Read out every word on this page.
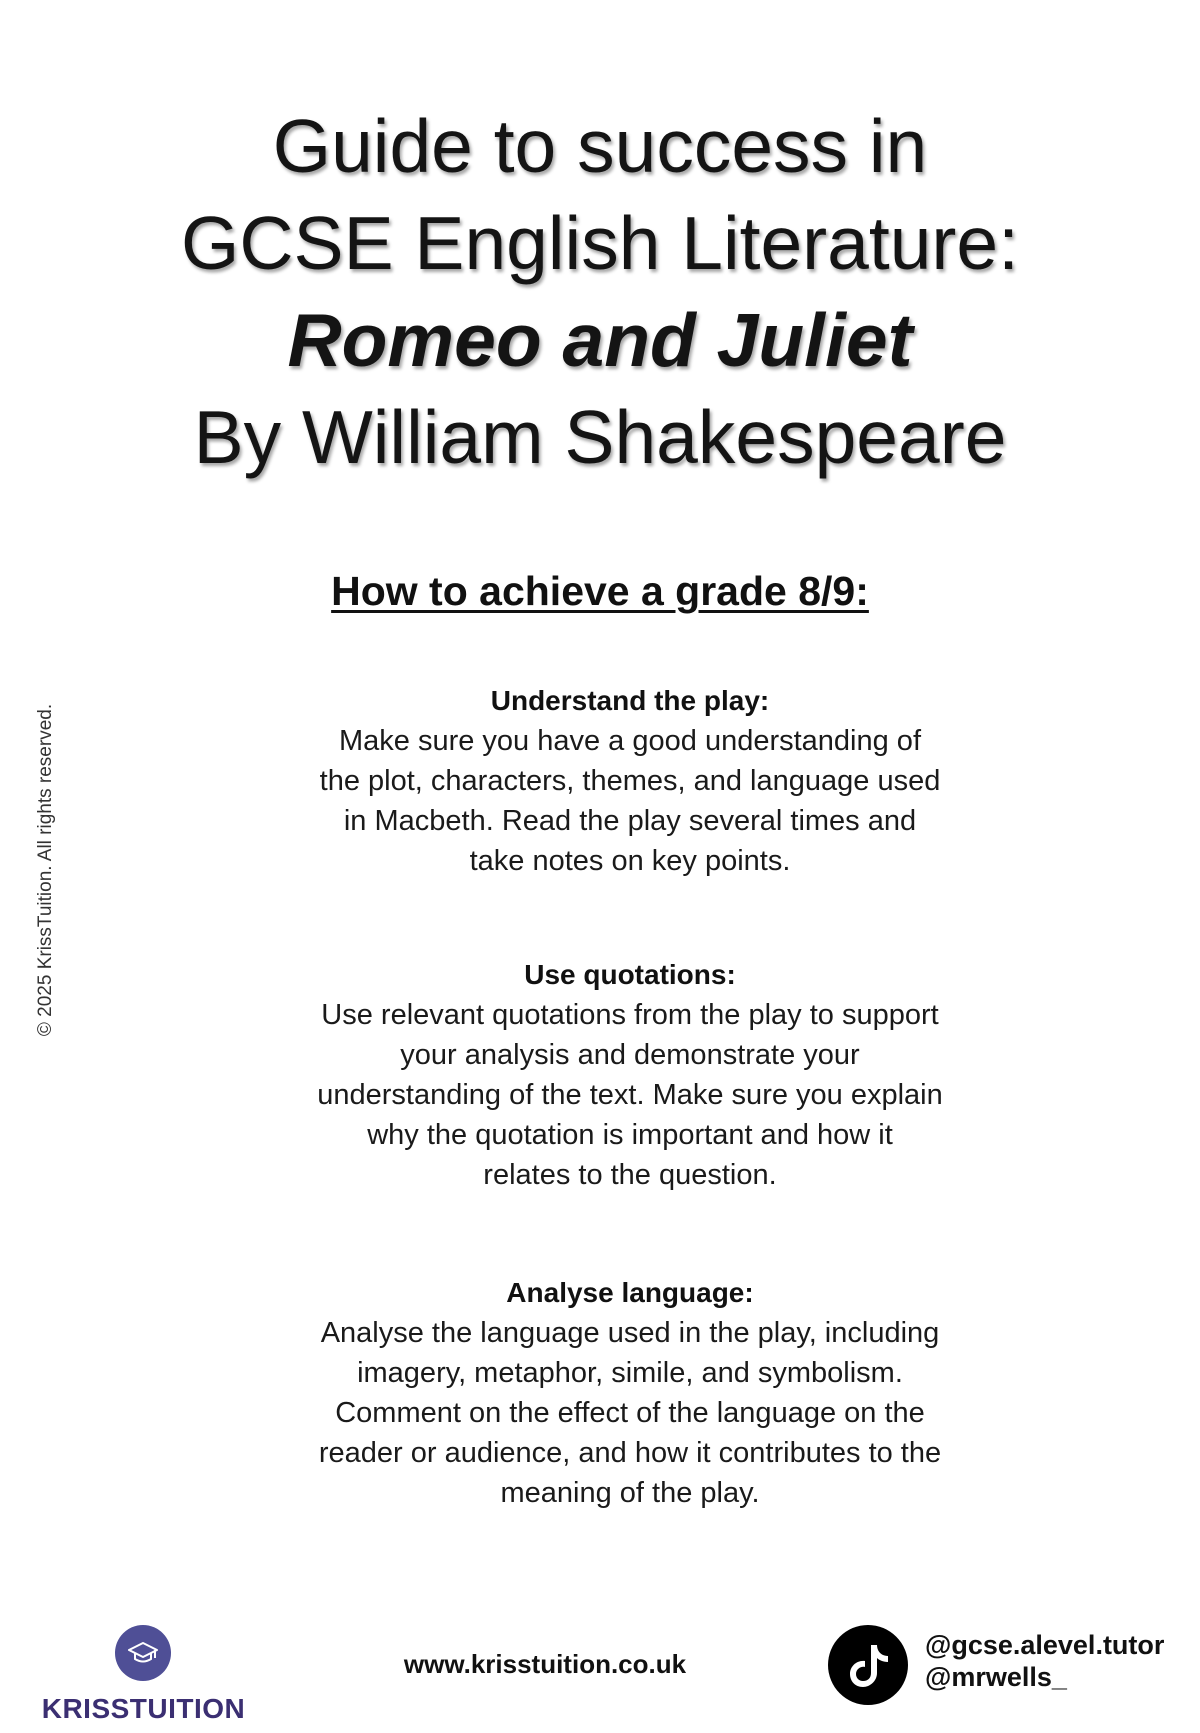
Guide to success in
GCSE English Literature:
Romeo and Juliet
By William Shakespeare
How to achieve a grade 8/9:
Understand the play:
Make sure you have a good understanding of
the plot, characters, themes, and language used
in Macbeth. Read the play several times and
take notes on key points.
Use quotations:
Use relevant quotations from the play to support
your analysis and demonstrate your
understanding of the text. Make sure you explain
why the quotation is important and how it
relates to the question.
Analyse language:
Analyse the language used in the play, including
imagery, metaphor, simile, and symbolism.
Comment on the effect of the language on the
reader or audience, and how it contributes to the
meaning of the play.
© 2025 KrissTuition. All rights reserved.
KRISSTUITION
www.krisstuition.co.uk
@gcse.alevel.tutor
@mrwells_
